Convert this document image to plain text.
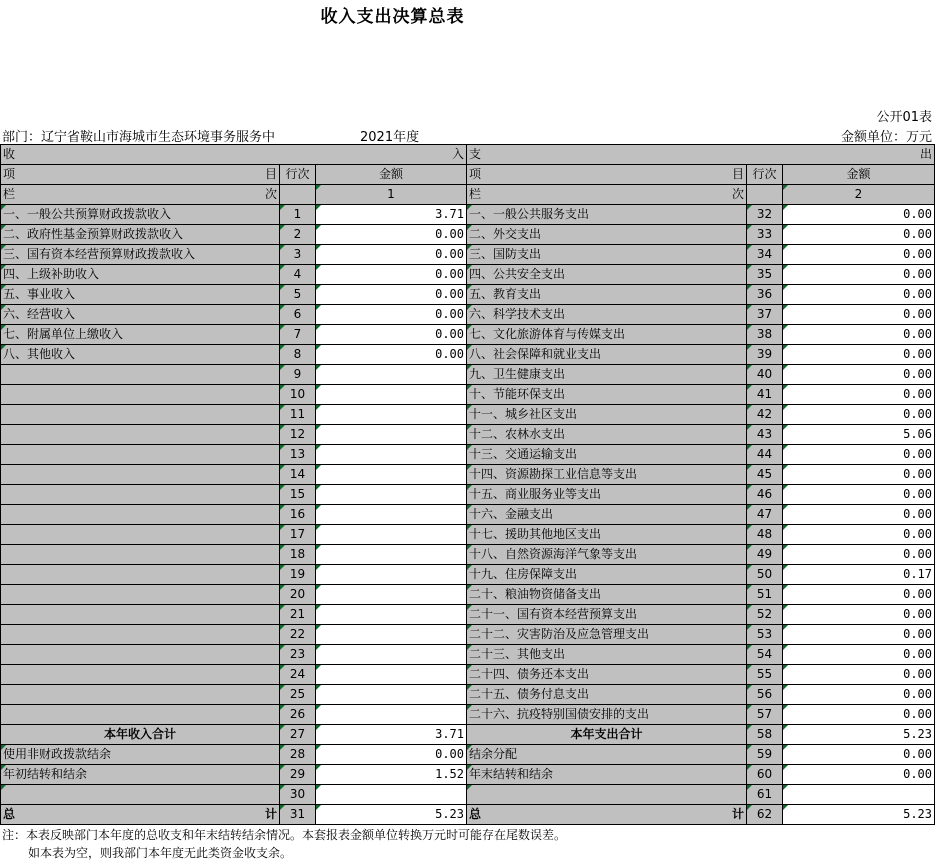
收入支出决算总表
公开01表
部门：辽宁省鞍山市海城市生态环境事务服务中	2021年度	金额单位：万元
收 入			支 出		

项 目	行次	金额	项 目	行次	金额

栏 次		1	栏 次		2
一、一般公共预算财政拨款收入	1	3.71	一、一般公共服务支出	32	0.00
二、政府性基金预算财政拨款收入	2	0.00	二、外交支出	33	0.00
三、国有资本经营预算财政拨款收入	3	0.00	三、国防支出	34	0.00
四、上级补助收入	4	0.00	四、公共安全支出	35	0.00
五、事业收入	5	0.00	五、教育支出	36	0.00
六、经营收入	6	0.00	六、科学技术支出	37	0.00
七、附属单位上缴收入	7	0.00	七、文化旅游体育与传媒支出	38	0.00
八、其他收入	8	0.00	八、社会保障和就业支出	39	0.00
	9		九、卫生健康支出	40	0.00
	10		十、节能环保支出	41	0.00
	11		十一、城乡社区支出	42	0.00
	12		十二、农林水支出	43	5.06
	13		十三、交通运输支出	44	0.00
	14		十四、资源勘探工业信息等支出	45	0.00
	15		十五、商业服务业等支出	46	0.00
	16		十六、金融支出	47	0.00
	17		十七、援助其他地区支出	48	0.00
	18		十八、自然资源海洋气象等支出	49	0.00
	19		十九、住房保障支出	50	0.17
	20		二十、粮油物资储备支出	51	0.00
	21		二十一、国有资本经营预算支出	52	0.00
	22		二十二、灾害防治及应急管理支出	53	0.00
	23		二十三、其他支出	54	0.00
	24		二十四、债务还本支出	55	0.00
	25		二十五、债务付息支出	56	0.00
	26		二十六、抗疫特别国债安排的支出	57	0.00
本年收入合计	27	3.71	本年支出合计	58	5.23
使用非财政拨款结余	28	0.00	结余分配	59	0.00
年初结转和结余	29	1.52	年末结转和结余	60	0.00
	30			61	

总 计	31	5.23	总 计	62	5.23
注：本表反映部门本年度的总收支和年末结转结余情况。本套报表金额单位转换万元时可能存在尾数误差。
如本表为空，则我部门本年度无此类资金收支余。
